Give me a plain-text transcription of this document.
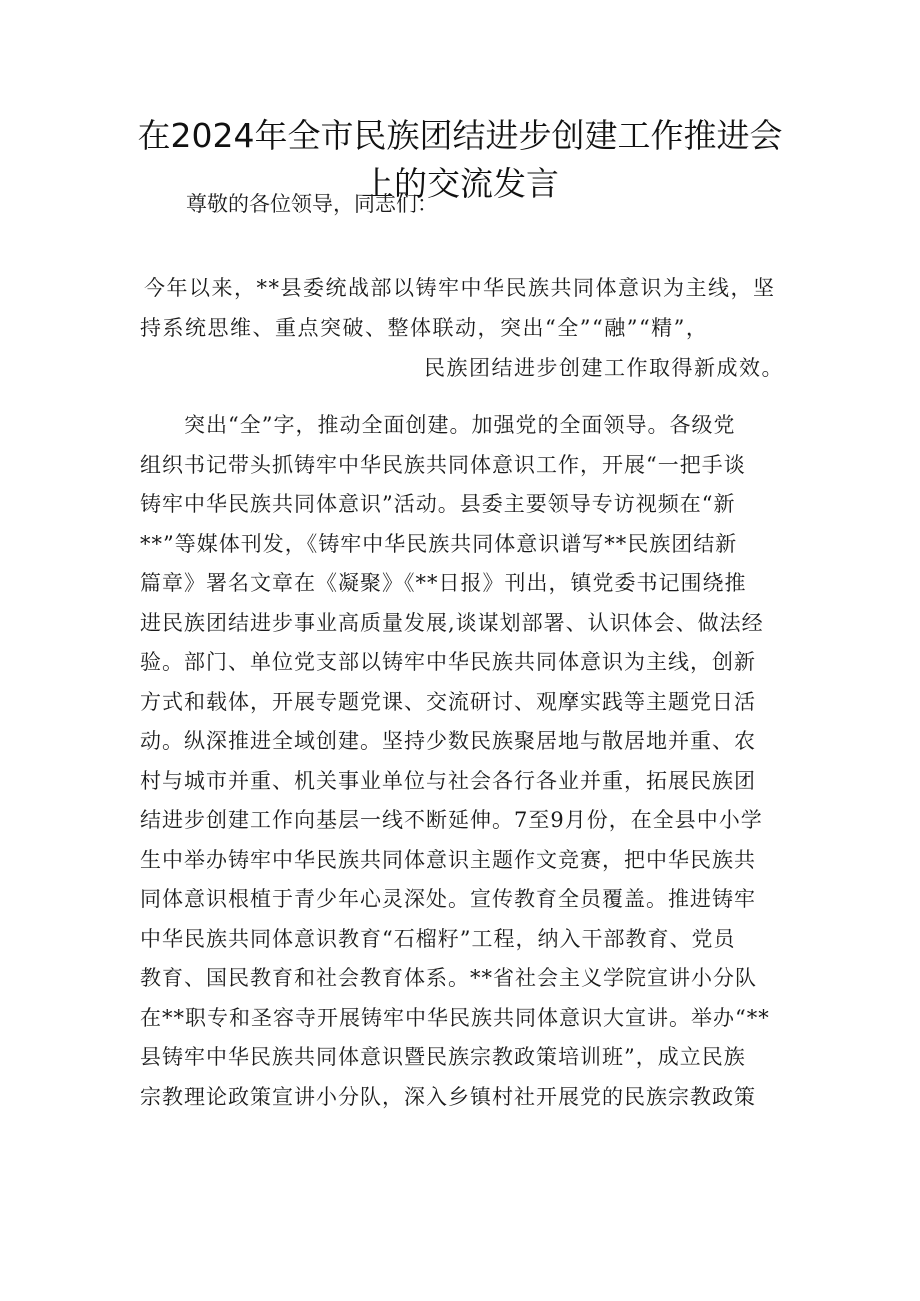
在2024年全市民族团结进步创建工作推进会
上的交流发言
尊敬的各位领导，同志们：

今年以来，**县委统战部以铸牢中华民族共同体意识为主线，坚

持系统思维、重点突破、整体联动，突出“全”“融”“精”，

民族团结进步创建工作取得新成效。

　　突出“全”字，推动全面创建。加强党的全面领导。各级党

组织书记带头抓铸牢中华民族共同体意识工作，开展“一把手谈

铸牢中华民族共同体意识”活动。县委主要领导专访视频在“新

**”等媒体刊发，《铸牢中华民族共同体意识谱写**民族团结新

篇章》署名文章在《凝聚》《**日报》刊出，镇党委书记围绕推

进民族团结进步事业高质量发展,谈谋划部署、认识体会、做法经

验。部门、单位党支部以铸牢中华民族共同体意识为主线，创新

方式和载体，开展专题党课、交流研讨、观摩实践等主题党日活

动。纵深推进全域创建。坚持少数民族聚居地与散居地并重、农

村与城市并重、机关事业单位与社会各行各业并重，拓展民族团

结进步创建工作向基层一线不断延伸。7至9月份，在全县中小学

生中举办铸牢中华民族共同体意识主题作文竞赛，把中华民族共

同体意识根植于青少年心灵深处。宣传教育全员覆盖。推进铸牢

中华民族共同体意识教育“石榴籽”工程，纳入干部教育、党员

教育、国民教育和社会教育体系。**省社会主义学院宣讲小分队

在**职专和圣容寺开展铸牢中华民族共同体意识大宣讲。举办“**

县铸牢中华民族共同体意识暨民族宗教政策培训班”，成立民族

宗教理论政策宣讲小分队，深入乡镇村社开展党的民族宗教政策
